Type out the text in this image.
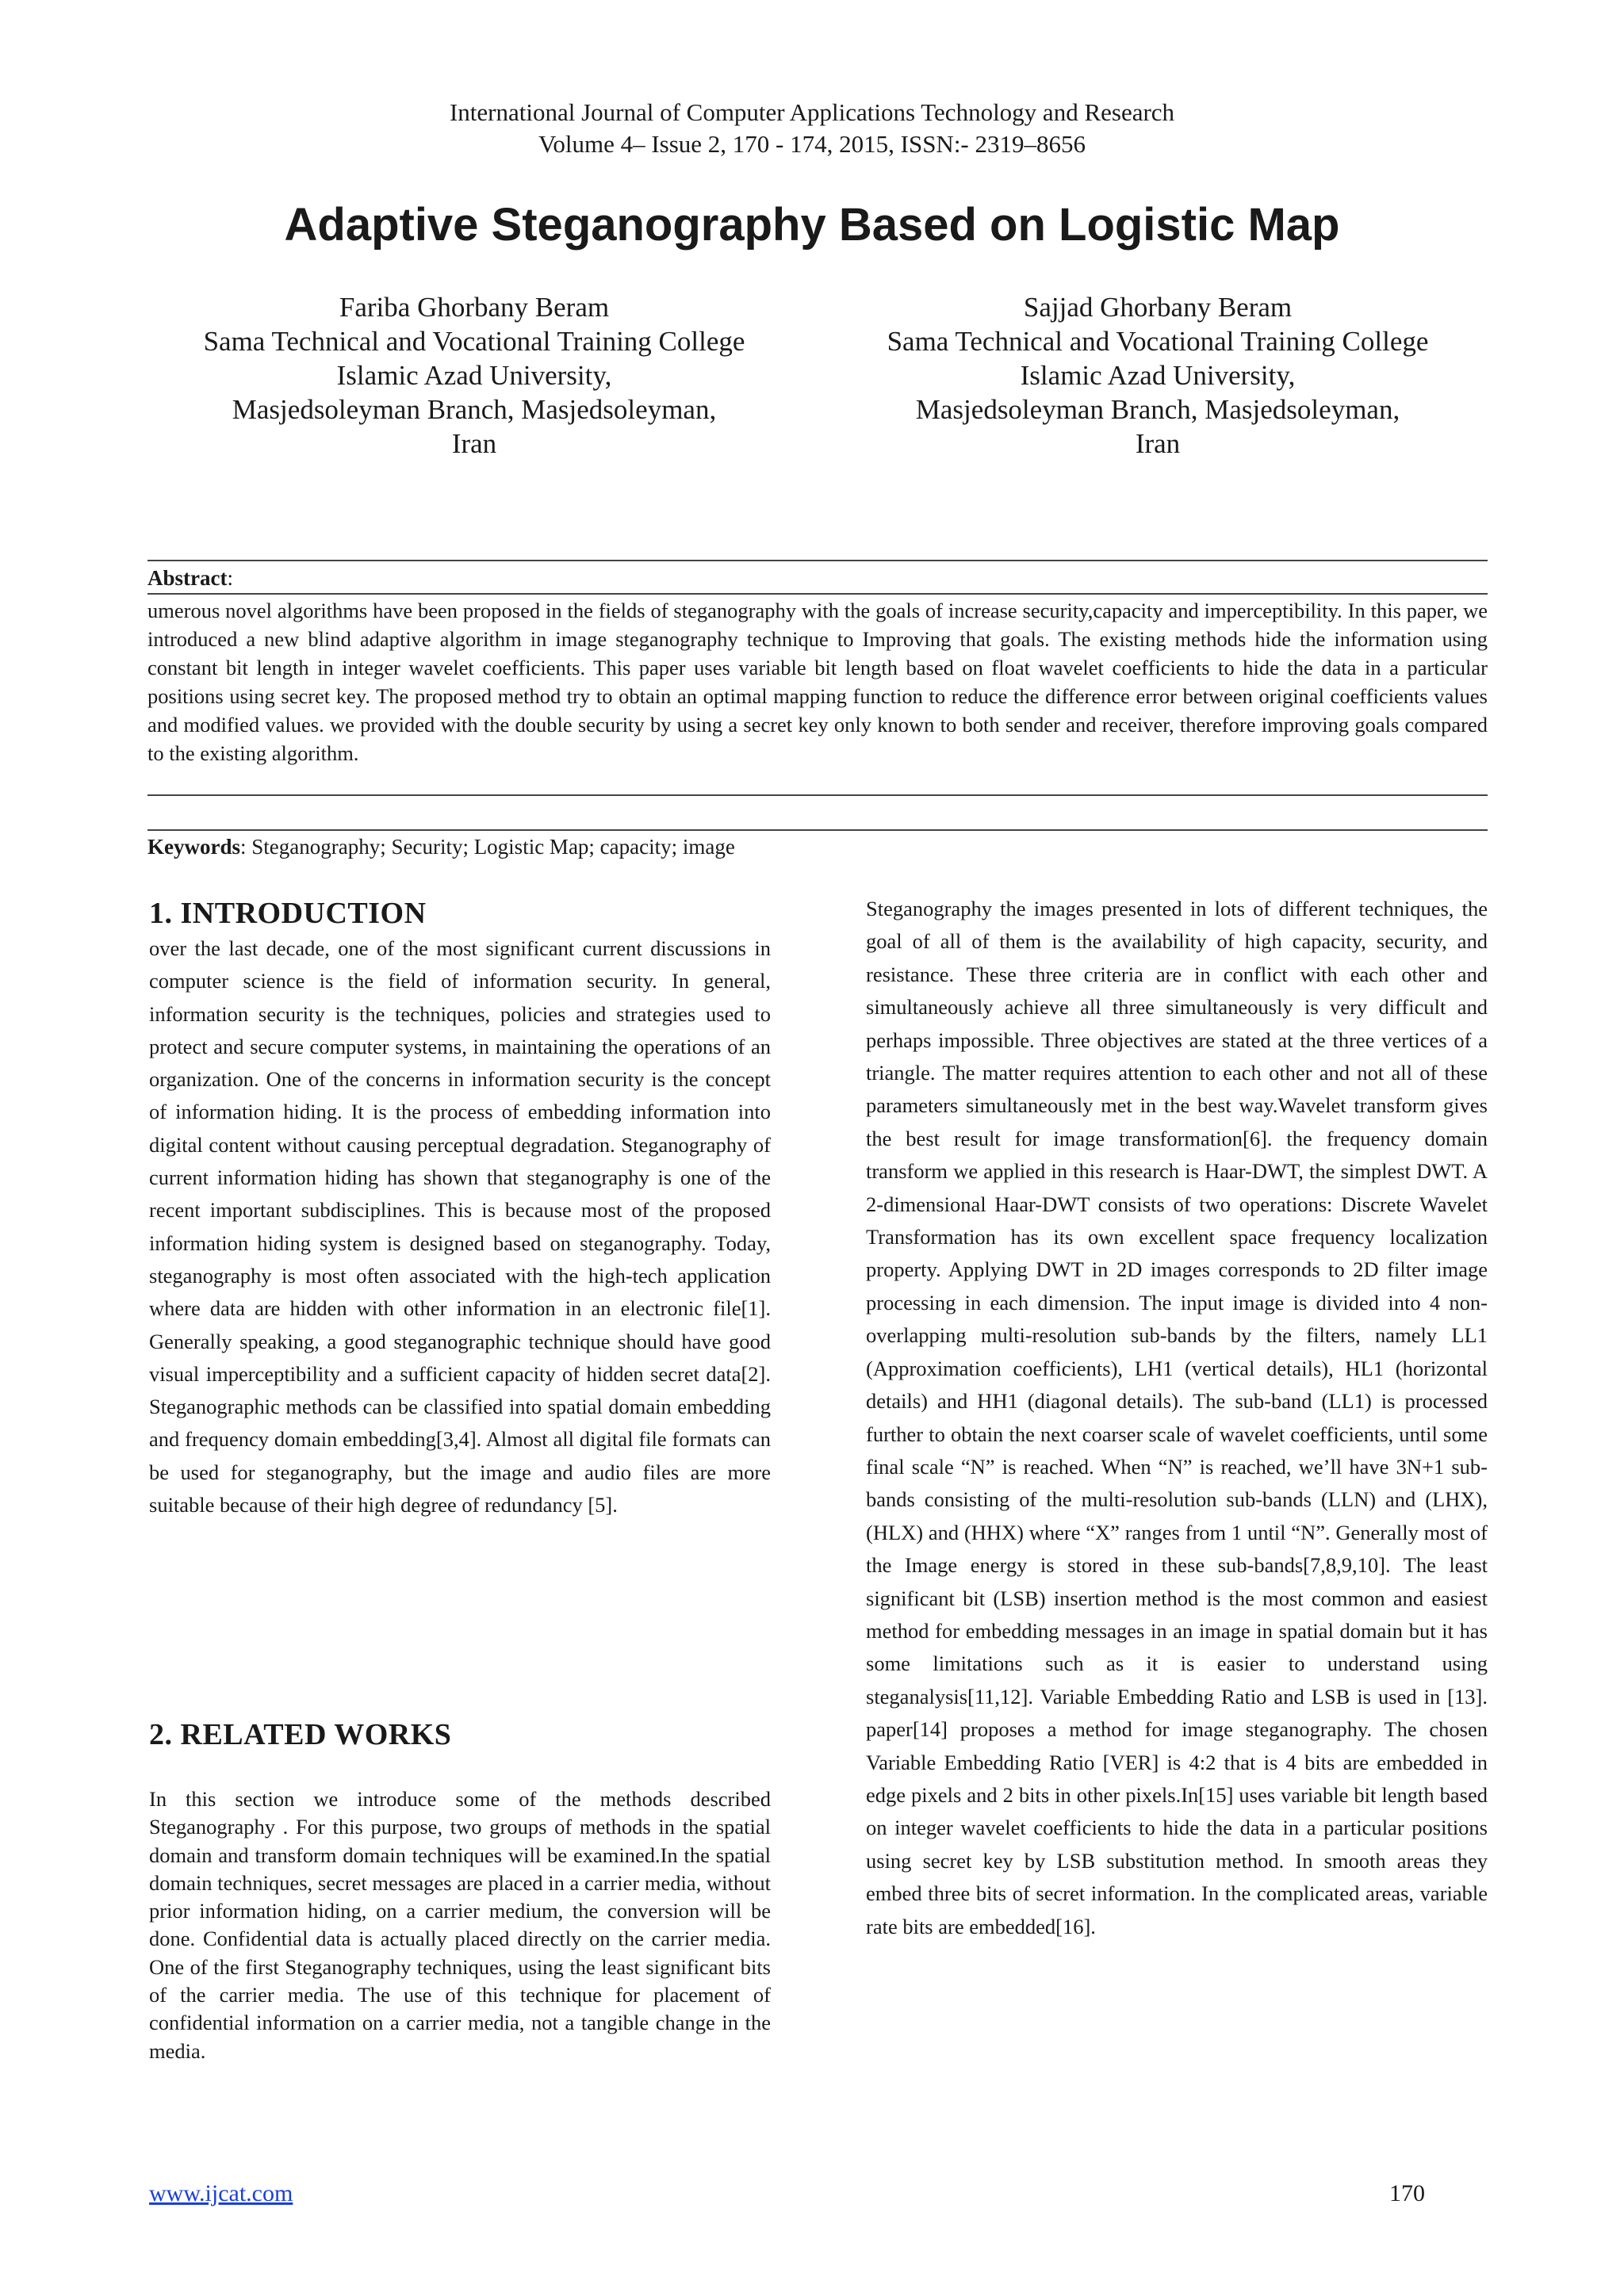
International Journal of Computer Applications Technology and Research
Volume 4– Issue 2, 170 - 174, 2015, ISSN:- 2319–8656
Adaptive Steganography Based on Logistic Map
Fariba Ghorbany Beram
Sama Technical and Vocational Training College
Islamic Azad University,
Masjedsoleyman Branch, Masjedsoleyman,
Iran
Sajjad Ghorbany Beram
Sama Technical and Vocational Training College
Islamic Azad University,
Masjedsoleyman Branch, Masjedsoleyman,
Iran
Abstract:

umerous novel algorithms have been proposed in the fields of steganography with the goals of increase security,capacity and imperceptibility. In this paper, we introduced a new blind adaptive algorithm in image steganography technique to Improving that goals. The existing methods hide the information using constant bit length in integer wavelet coefficients. This paper uses variable bit length based on float wavelet coefficients to hide the data in a particular positions using secret key. The proposed method try to obtain an optimal mapping function to reduce the difference error between original coefficients values and modified values. we provided with the double security by using a secret key only known to both sender and receiver, therefore improving goals compared to the existing algorithm.

Keywords: Steganography; Security; Logistic Map; capacity; image
1. INTRODUCTION

over the last decade, one of the most significant current discussions in computer science is the field of information security. In general, information security is the techniques, policies and strategies used to protect and secure computer systems, in maintaining the operations of an organization. One of the concerns in information security is the concept of information hiding. It is the process of embedding information into digital content without causing perceptual degradation. Steganography of current information hiding has shown that steganography is one of the recent important subdisciplines. This is because most of the proposed information hiding system is designed based on steganography. Today, steganography is most often associated with the high-tech application where data are hidden with other information in an electronic file[1]. Generally speaking, a good steganographic technique should have good visual imperceptibility and a sufficient capacity of hidden secret data[2]. Steganographic methods can be classified into spatial domain embedding and frequency domain embedding[3,4]. Almost all digital file formats can be used for steganography, but the image and audio files are more suitable because of their high degree of redundancy [5].

2. RELATED WORKS

In this section we introduce some of the methods described Steganography . For this purpose, two groups of methods in the spatial domain and transform domain techniques will be examined.In the spatial domain techniques, secret messages are placed in a carrier media, without prior information hiding, on a carrier medium, the conversion will be done. Confidential data is actually placed directly on the carrier media. One of the first Steganography techniques, using the least significant bits of the carrier media. The use of this technique for placement of confidential information on a carrier media, not a tangible change in the media.

Steganography the images presented in lots of different techniques, the goal of all of them is the availability of high capacity, security, and resistance. These three criteria are in conflict with each other and simultaneously achieve all three simultaneously is very difficult and perhaps impossible. Three objectives are stated at the three vertices of a triangle. The matter requires attention to each other and not all of these parameters simultaneously met in the best way.Wavelet transform gives the best result for image transformation[6]. the frequency domain transform we applied in this research is Haar-DWT, the simplest DWT. A 2-dimensional Haar-DWT consists of two operations: Discrete Wavelet Transformation has its own excellent space frequency localization property. Applying DWT in 2D images corresponds to 2D filter image processing in each dimension. The input image is divided into 4 non-overlapping multi-resolution sub-bands by the filters, namely LL1 (Approximation coefficients), LH1 (vertical details), HL1 (horizontal details) and HH1 (diagonal details). The sub-band (LL1) is processed further to obtain the next coarser scale of wavelet coefficients, until some final scale “N” is reached. When “N” is reached, we’ll have 3N+1 sub-bands consisting of the multi-resolution sub-bands (LLN) and (LHX), (HLX) and (HHX) where “X” ranges from 1 until “N”. Generally most of the Image energy is stored in these sub-bands[7,8,9,10]. The least significant bit (LSB) insertion method is the most common and easiest method for embedding messages in an image in spatial domain but it has some limitations such as it is easier to understand using steganalysis[11,12]. Variable Embedding Ratio and LSB is used in [13]. paper[14] proposes a method for image steganography. The chosen Variable Embedding Ratio [VER] is 4:2 that is 4 bits are embedded in edge pixels and 2 bits in other pixels.In[15] uses variable bit length based on integer wavelet coefficients to hide the data in a particular positions using secret key by LSB substitution method. In smooth areas they embed three bits of secret information. In the complicated areas, variable rate bits are embedded[16].

www.ijcat.com	170
